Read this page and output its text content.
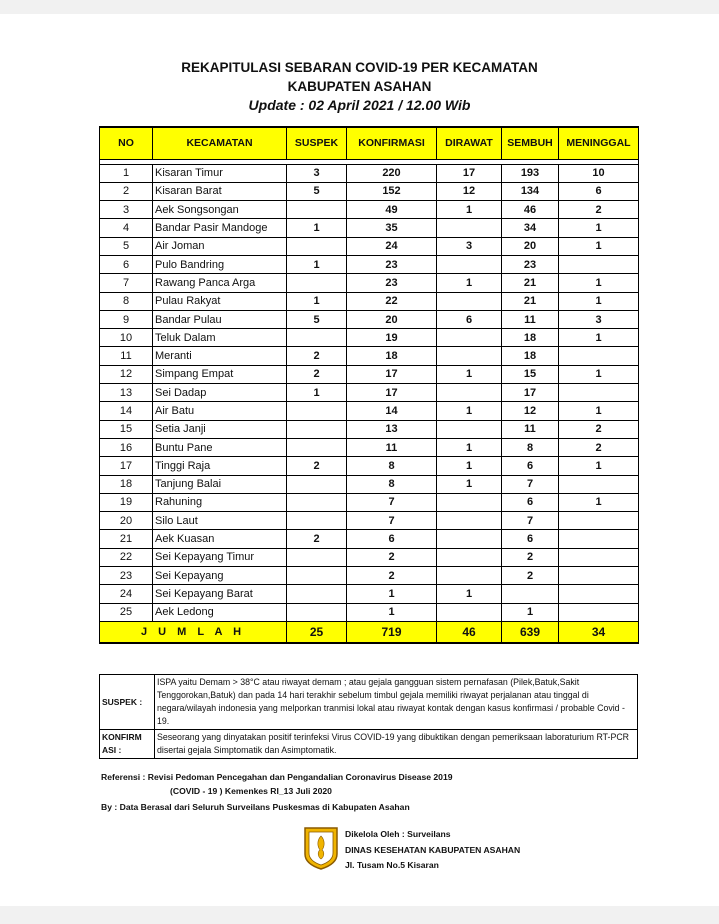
REKAPITULASI SEBARAN COVID-19 PER KECAMATAN
KABUPATEN ASAHAN
Update : 02 April 2021 / 12.00 Wib
NO	KECAMATAN	SUSPEK	KONFIRMASI	DIRAWAT	SEMBUH	MENINGGAL

1	Kisaran Timur	3	220	17	193	10
2	Kisaran Barat	5	152	12	134	6
3	Aek Songsongan		49	1	46	2
4	Bandar Pasir Mandoge	1	35		34	1
5	Air Joman		24	3	20	1
6	Pulo Bandring	1	23		23	
7	Rawang Panca Arga		23	1	21	1
8	Pulau Rakyat	1	22		21	1
9	Bandar Pulau	5	20	6	11	3
10	Teluk Dalam		19		18	1
11	Meranti	2	18		18	
12	Simpang Empat	2	17	1	15	1
13	Sei Dadap	1	17		17	
14	Air Batu		14	1	12	1
15	Setia Janji		13		11	2
16	Buntu Pane		11	1	8	2
17	Tinggi Raja	2	8	1	6	1
18	Tanjung Balai		8	1	7	
19	Rahuning		7		6	1
20	Silo Laut		7		7	
21	Aek Kuasan	2	6		6	
22	Sei Kepayang Timur		2		2	
23	Sei Kepayang		2		2	
24	Sei Kepayang Barat		1	1		
25	Aek Ledong		1		1	
J U M L A H		25	719	46	639	34
SUSPEK :	ISPA yaitu Demam > 38°C atau riwayat demam ; atau gejala gangguan sistem pernafasan (Pilek,Batuk,Sakit Tenggorokan,Batuk) dan pada 14 hari terakhir sebelum timbul gejala memiliki riwayat perjalanan atau tinggal di negara/wilayah indonesia yang melporkan tranmisi lokal atau riwayat kontak dengan kasus konfirmasi / probable Covid - 19.
KONFIRM ASI :	Seseorang yang dinyatakan positif terinfeksi Virus COVID-19 yang dibuktikan dengan pemeriksaan laboraturium RT-PCR disertai gejala Simptomatik dan Asimptomatik.
Referensi : Revisi Pedoman Pencegahan dan Pengandalian Coronavirus Disease 2019
(COVID - 19 ) Kemenkes RI_13 Juli 2020
By : Data Berasal dari Seluruh Surveilans Puskesmas di Kabupaten Asahan
Dikelola Oleh : Surveilans
DINAS KESEHATAN KABUPATEN ASAHAN
Jl. Tusam No.5 Kisaran
